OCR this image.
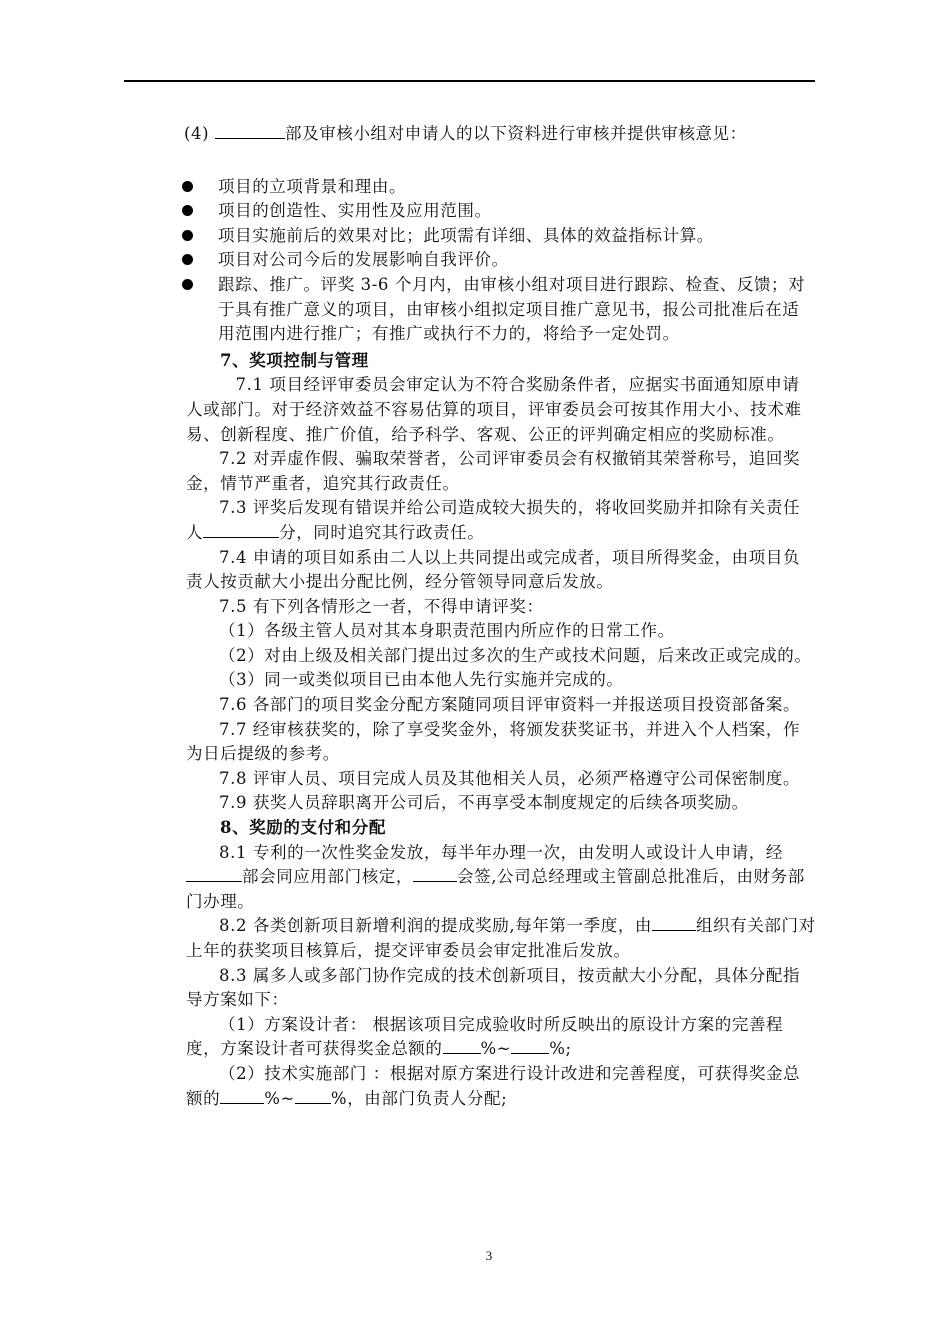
(4)	部及审核小组对申请人的以下资料进行审核并提供审核意见：

项目的立项背景和理由。
项目的创造性、实用性及应用范围。
项目实施前后的效果对比；此项需有详细、具体的效益指标计算。
项目对公司今后的发展影响自我评价。
跟踪、推广。评奖 3-6 个月内，由审核小组对项目进行跟踪、检查、反馈；对于具有推广意义的项目，由审核小组拟定项目推广意见书，报公司批准后在适用范围内进行推广；有推广或执行不力的，将给予一定处罚。

7、奖项控制与管理

7.1 项目经评审委员会审定认为不符合奖励条件者，应据实书面通知原申请人或部门。对于经济效益不容易估算的项目，评审委员会可按其作用大小、技术难易、创新程度、推广价值，给予科学、客观、公正的评判确定相应的奖励标准。

7.2 对弄虚作假、骗取荣誉者，公司评审委员会有权撤销其荣誉称号，追回奖金，情节严重者，追究其行政责任。

7.3 评奖后发现有错误并给公司造成较大损失的，将收回奖励并扣除有关责任人	分，同时追究其行政责任。

7.4 申请的项目如系由二人以上共同提出或完成者，项目所得奖金，由项目负责人按贡献大小提出分配比例，经分管领导同意后发放。

7.5 有下列各情形之一者，不得申请评奖：

（1）各级主管人员对其本身职责范围内所应作的日常工作。

（2）对由上级及相关部门提出过多次的生产或技术问题，后来改正或完成的。

（3）同一或类似项目已由本他人先行实施并完成的。

7.6 各部门的项目奖金分配方案随同项目评审资料一并报送项目投资部备案。

7.7 经审核获奖的，除了享受奖金外，将颁发获奖证书，并进入个人档案，作为日后提级的参考。

7.8 评审人员、项目完成人员及其他相关人员，必须严格遵守公司保密制度。

7.9 获奖人员辞职离开公司后，不再享受本制度规定的后续各项奖励。

8、奖励的支付和分配

8.1 专利的一次性奖金发放，每半年办理一次，由发明人或设计人申请，经部会同应用部门核定，	会签,公司总经理或主管副总批准后，由财务部门办理。

8.2 各类创新项目新增利润的提成奖励,每年第一季度，由	组织有关部门对上年的获奖项目核算后，提交评审委员会审定批准后发放。

8.3 属多人或多部门协作完成的技术创新项目，按贡献大小分配，具体分配指导方案如下：

（1）方案设计者： 根据该项目完成验收时所反映出的原设计方案的完善程度，方案设计者可获得奖金总额的 %~ %;

（2）技术实施部门 ：根据对原方案进行设计改进和完善程度，可获得奖金总额的	%~ %，由部门负责人分配;

3
